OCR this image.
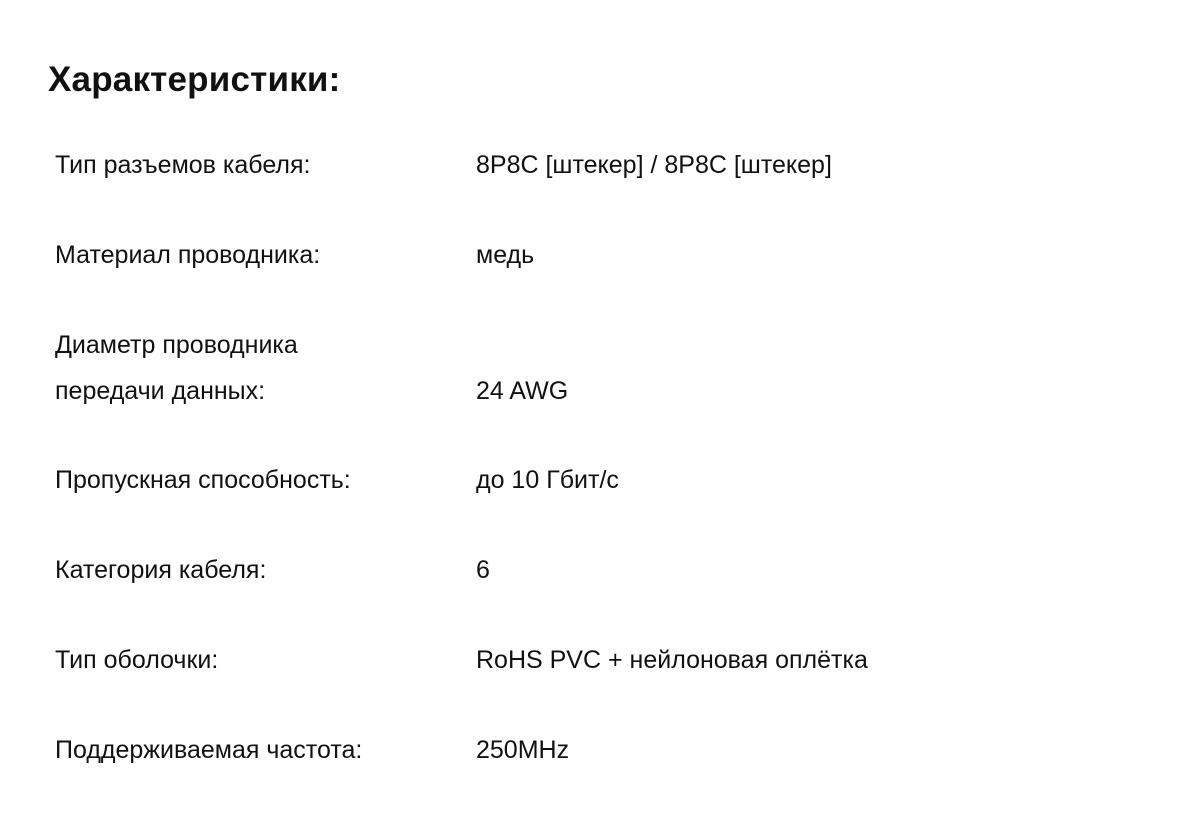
Характеристики:
Тип разъемов кабеля:	8P8C [штекер] / 8P8C [штекер]
Материал проводника:	медь
Диаметр проводника
передачи данных:	24 AWG
Пропускная способность:	до 10 Гбит/с
Категория кабеля:	6
Тип оболочки:	RoHS PVC + нейлоновая оплётка
Поддерживаемая частота:	250MHz
